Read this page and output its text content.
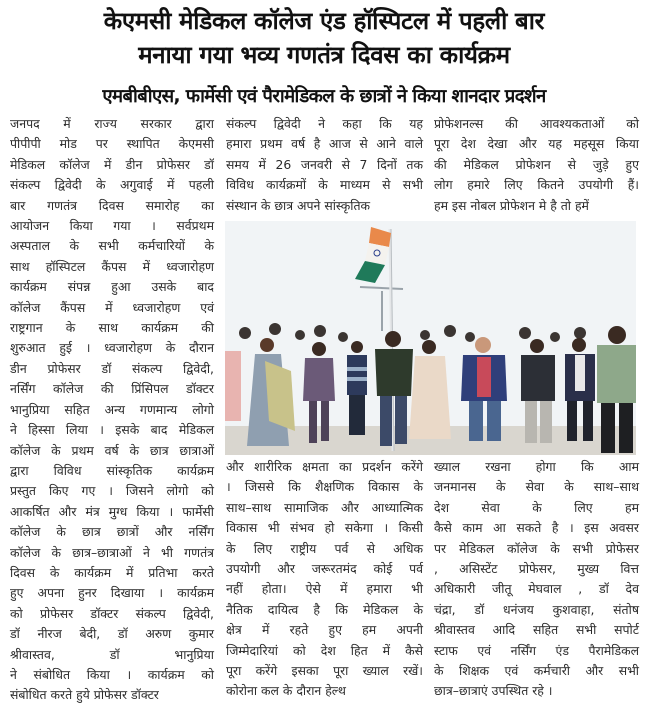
केएमसी मेडिकल कॉलेज एंड हॉस्पिटल में पहली बार
मनाया गया भव्य गणतंत्र दिवस का कार्यक्रम
एमबीबीएस, फार्मेसी एवं पैरामेडिकल के छात्रों ने किया शानदार प्रदर्शन
जनपद में राज्य सरकार द्वारा
पीपीपी मोड पर स्थापित केएमसी
मेडिकल कॉलेज में डीन प्रोफेसर डॉ
संकल्प द्विवेदी के अगुवाई में पहली
बार गणतंत्र दिवस समारोह का
आयोजन किया गया । सर्वप्रथम
अस्पताल के सभी कर्मचारियों के
साथ हॉस्पिटल कैंपस में ध्वजारोहण
कार्यक्रम संपन्न हुआ उसके बाद
कॉलेज कैंपस में ध्वजारोहण एवं
राष्ट्रगान के साथ कार्यक्रम की
शुरुआत हुई । ध्वजारोहण के दौरान
डीन प्रोफेसर डॉ संकल्प द्विवेदी,
नर्सिंग कॉलेज की प्रिंसिपल डॉक्टर
भानुप्रिया सहित अन्य गणमान्य लोगो
ने हिस्सा लिया । इसके बाद मेडिकल
कॉलेज के प्रथम वर्ष के छात्र छात्राओं
द्वारा विविध सांस्कृतिक कार्यक्रम
प्रस्तुत किए गए । जिसने लोगो को
आकर्षित और मंत्र मुग्ध किया । फार्मेसी
कॉलेज के छात्र छात्रों और नर्सिंग
कॉलेज के छात्र–छात्राओं ने भी गणतंत्र
दिवस के कार्यक्रम में प्रतिभा करते
हुए अपना हुनर दिखाया । कार्यक्रम
को प्रोफेसर डॉक्टर संकल्प द्विवेदी,
डॉ नीरज बेदी, डॉ अरुण कुमार
श्रीवास्तव, डॉ भानुप्रिया
ने संबोधित किया । कार्यक्रम को
संबोधित करते हुये प्रोफेसर डॉक्टर
संकल्प द्विवेदी ने कहा कि यह
हमारा प्रथम वर्ष है आज से आने वाले
समय में 26 जनवरी से 7 दिनों तक
विविध कार्यक्रमों के माध्यम से सभी
संस्थान के छात्र अपने सांस्कृतिक
प्रोफेशनल्स की आवश्यकताओं को
पूरा देश देखा और यह महसूस किया
की मेडिकल प्रोफेशन से जुड़े हुए
लोग हमारे लिए कितने उपयोगी हैं।
हम इस नोबल प्रोफेशन मे है तो हमें
और शारीरिक क्षमता का प्रदर्शन करेंगे
। जिससे कि शैक्षणिक विकास के
साथ–साथ सामाजिक और आध्यात्मिक
विकास भी संभव हो सकेगा । किसी
के लिए राष्ट्रीय पर्व से अधिक
उपयोगी और जरूरतमंद कोई पर्व
नहीं होता। ऐसे में हमारा भी
नैतिक दायित्व है कि मेडिकल के
क्षेत्र में रहते हुए हम अपनी
जिम्मेदारियां को देश हित में कैसे
पूरा करेंगे इसका पूरा ख्याल रखें।
कोरोना कल के दौरान हेल्थ
ख्याल रखना होगा कि आम
जनमानस के सेवा के साथ–साथ
देश सेवा के लिए हम
कैसे काम आ सकते है । इस अवसर
पर मेडिकल कॉलेज के सभी प्रोफेसर
, असिस्टेंट प्रोफेसर, मुख्य वित्त
अधिकारी जीतू मेघवाल , डॉ देव
चंद्रा, डॉ धनंजय कुशवाहा, संतोष
श्रीवास्तव आदि सहित सभी सपोर्ट
स्टाफ एवं नर्सिंग एंड पैरामेडिकल
के शिक्षक एवं कर्मचारी और सभी
छात्र–छात्राएं उपस्थित रहे ।
